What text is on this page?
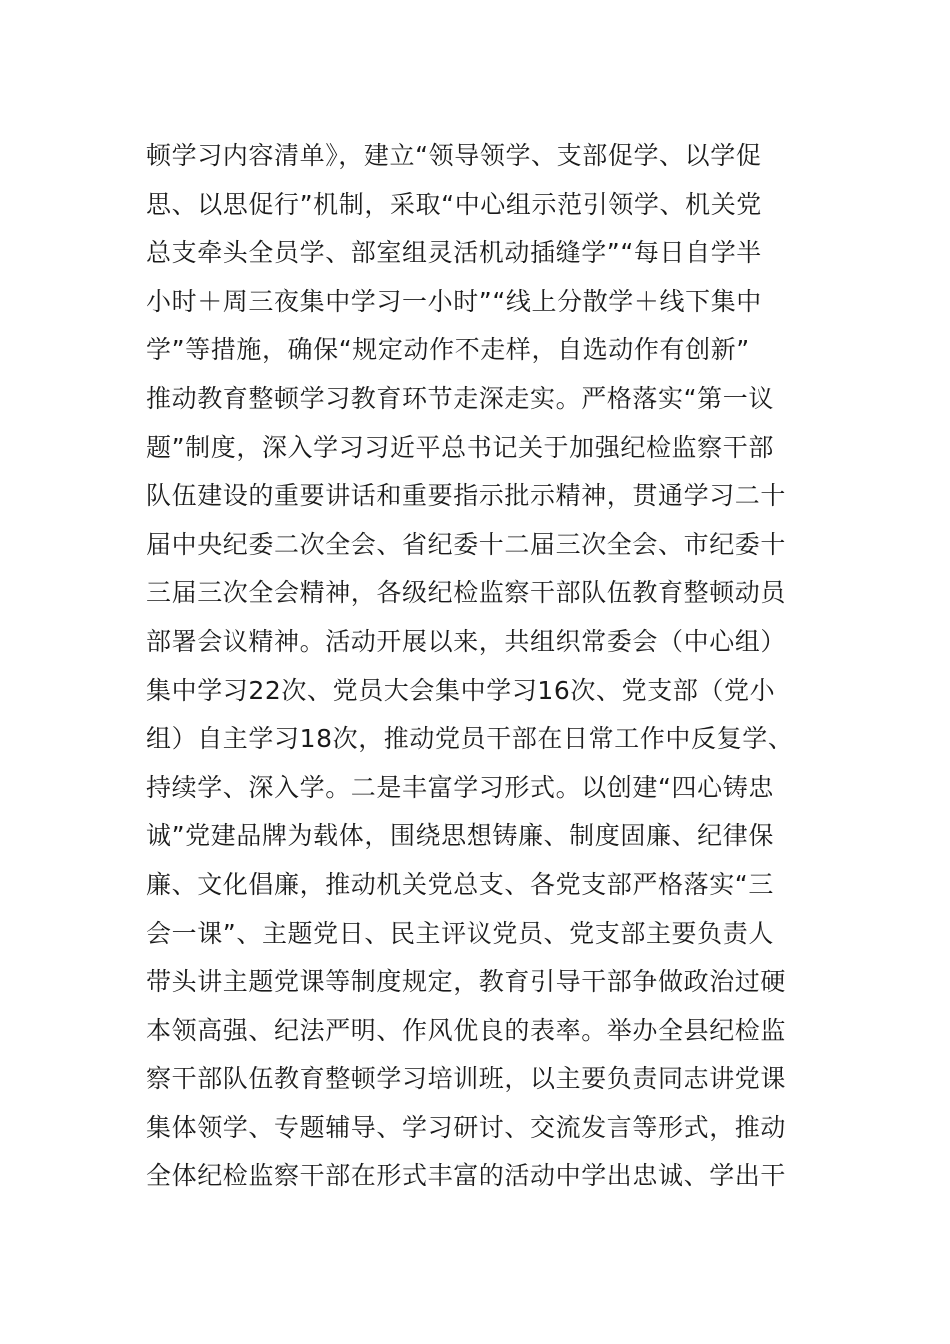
顿学习内容清单》，建立“领导领学、支部促学、以学促
思、以思促行”机制，采取“中心组示范引领学、机关党
总支牵头全员学、部室组灵活机动插缝学”“每日自学半
小时＋周三夜集中学习一小时”“线上分散学＋线下集中
学”等措施，确保“规定动作不走样，自选动作有创新”
推动教育整顿学习教育环节走深走实。严格落实“第一议
题”制度，深入学习习近平总书记关于加强纪检监察干部
队伍建设的重要讲话和重要指示批示精神，贯通学习二十
届中央纪委二次全会、省纪委十二届三次全会、市纪委十
三届三次全会精神，各级纪检监察干部队伍教育整顿动员
部署会议精神。活动开展以来，共组织常委会（中心组）
集中学习22次、党员大会集中学习16次、党支部（党小
组）自主学习18次，推动党员干部在日常工作中反复学、
持续学、深入学。二是丰富学习形式。以创建“四心铸忠
诚”党建品牌为载体，围绕思想铸廉、制度固廉、纪律保
廉、文化倡廉，推动机关党总支、各党支部严格落实“三
会一课”、主题党日、民主评议党员、党支部主要负责人
带头讲主题党课等制度规定，教育引导干部争做政治过硬
本领高强、纪法严明、作风优良的表率。举办全县纪检监
察干部队伍教育整顿学习培训班，以主要负责同志讲党课
集体领学、专题辅导、学习研讨、交流发言等形式，推动
全体纪检监察干部在形式丰富的活动中学出忠诚、学出干
